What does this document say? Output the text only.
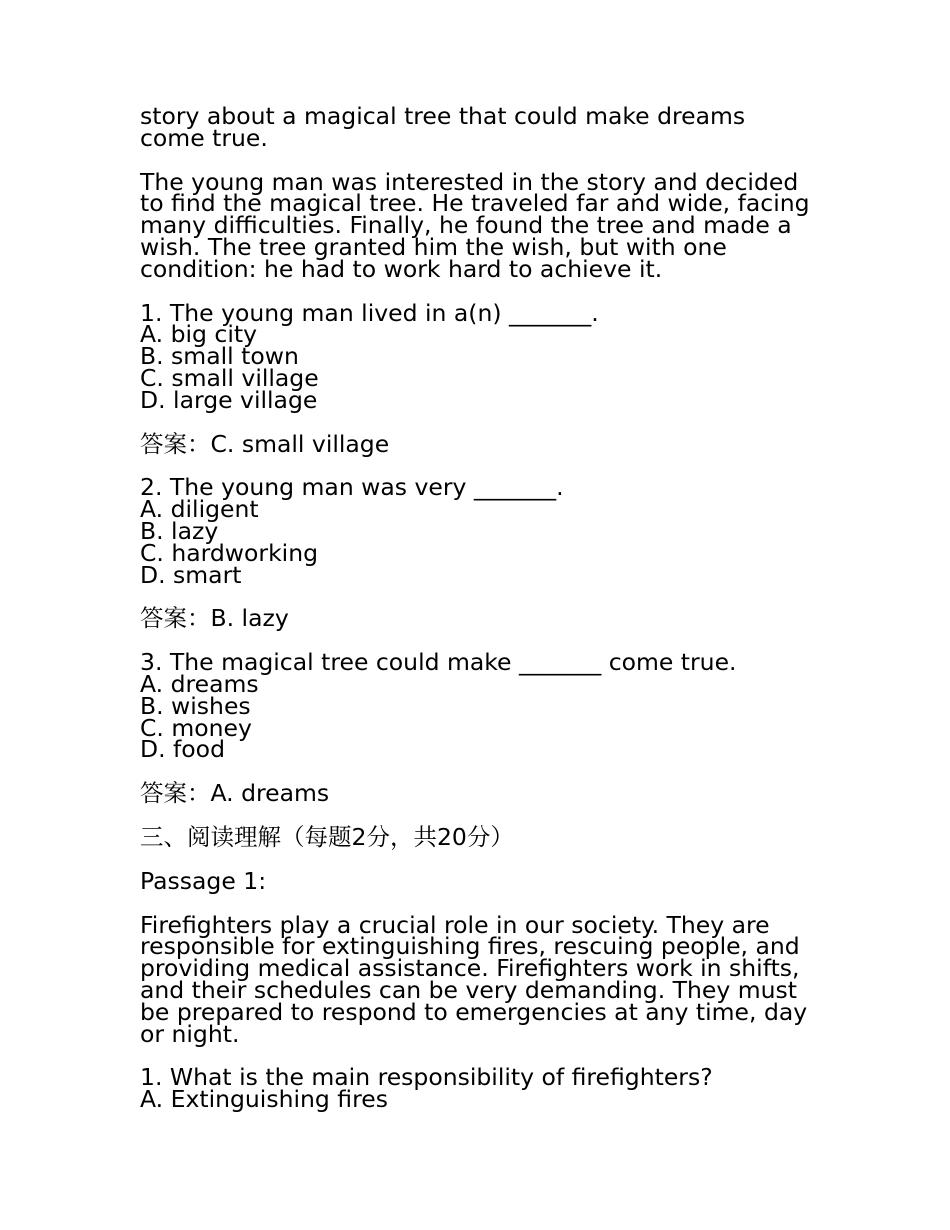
story about a magical tree that could make dreams
come true.
The young man was interested in the story and decided
to find the magical tree. He traveled far and wide, facing
many difficulties. Finally, he found the tree and made a
wish. The tree granted him the wish, but with one
condition: he had to work hard to achieve it.
1. The young man lived in a(n) _______.
A. big city
B. small town
C. small village
D. large village
答案：C. small village
2. The young man was very _______.
A. diligent
B. lazy
C. hardworking
D. smart
答案：B. lazy
3. The magical tree could make _______ come true.
A. dreams
B. wishes
C. money
D. food
答案：A. dreams
三、阅读理解（每题2分，共20分）
Passage 1:
Firefighters play a crucial role in our society. They are
responsible for extinguishing fires, rescuing people, and
providing medical assistance. Firefighters work in shifts,
and their schedules can be very demanding. They must
be prepared to respond to emergencies at any time, day
or night.
1. What is the main responsibility of firefighters?
A. Extinguishing fires
